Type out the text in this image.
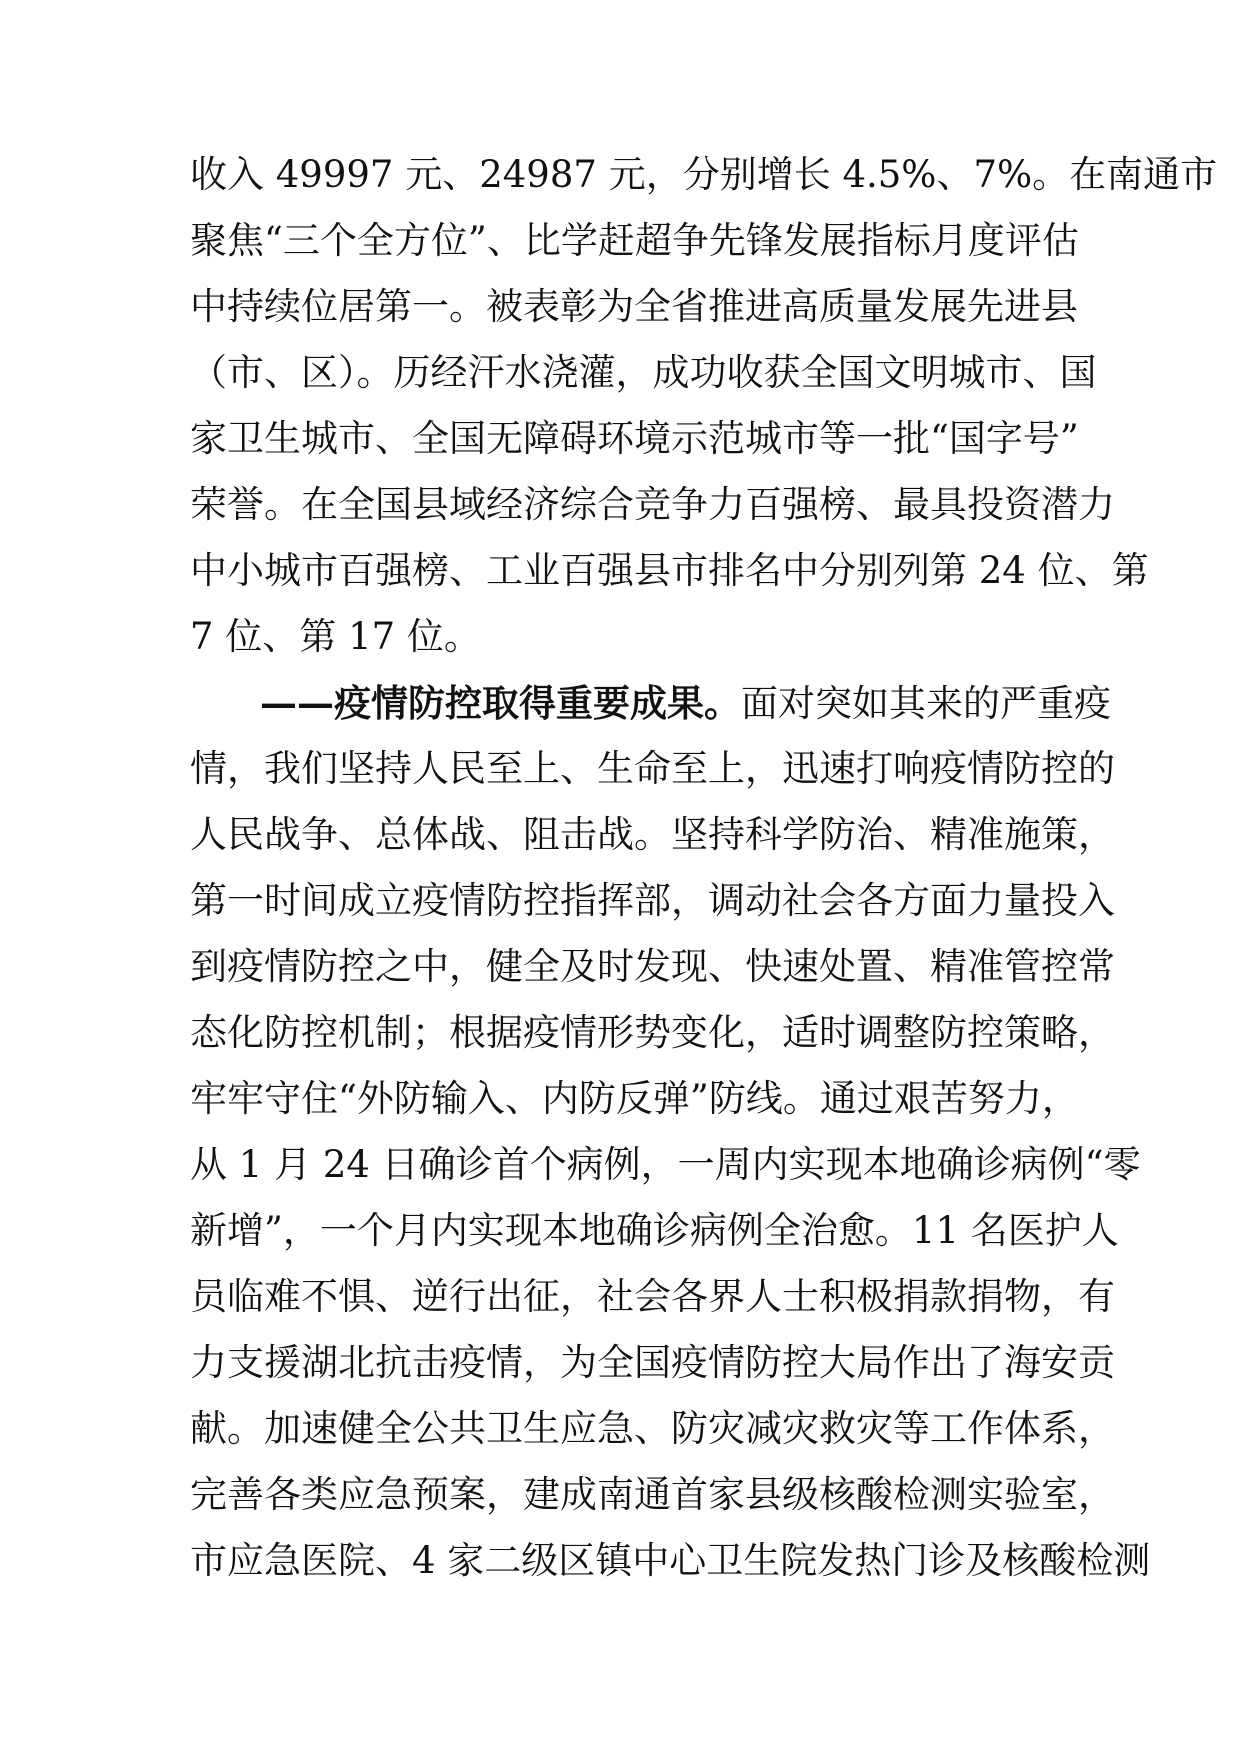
收入 49997 元、24987 元，分别增长 4.5%、7%。在南通市
聚焦“三个全方位”、比学赶超争先锋发展指标月度评估
中持续位居第一。被表彰为全省推进高质量发展先进县
（市、区）。历经汗水浇灌，成功收获全国文明城市、国
家卫生城市、全国无障碍环境示范城市等一批“国字号”
荣誉。在全国县域经济综合竞争力百强榜、最具投资潜力
中小城市百强榜、工业百强县市排名中分别列第 24 位、第
7 位、第 17 位。
——疫情防控取得重要成果。面对突如其来的严重疫
情，我们坚持人民至上、生命至上，迅速打响疫情防控的
人民战争、总体战、阻击战。坚持科学防治、精准施策，
第一时间成立疫情防控指挥部，调动社会各方面力量投入
到疫情防控之中，健全及时发现、快速处置、精准管控常
态化防控机制；根据疫情形势变化，适时调整防控策略，
牢牢守住“外防输入、内防反弹”防线。通过艰苦努力，
从 1 月 24 日确诊首个病例，一周内实现本地确诊病例“零
新增”，一个月内实现本地确诊病例全治愈。11 名医护人
员临难不惧、逆行出征，社会各界人士积极捐款捐物，有
力支援湖北抗击疫情，为全国疫情防控大局作出了海安贡
献。加速健全公共卫生应急、防灾减灾救灾等工作体系，
完善各类应急预案，建成南通首家县级核酸检测实验室，
市应急医院、4 家二级区镇中心卫生院发热门诊及核酸检测
